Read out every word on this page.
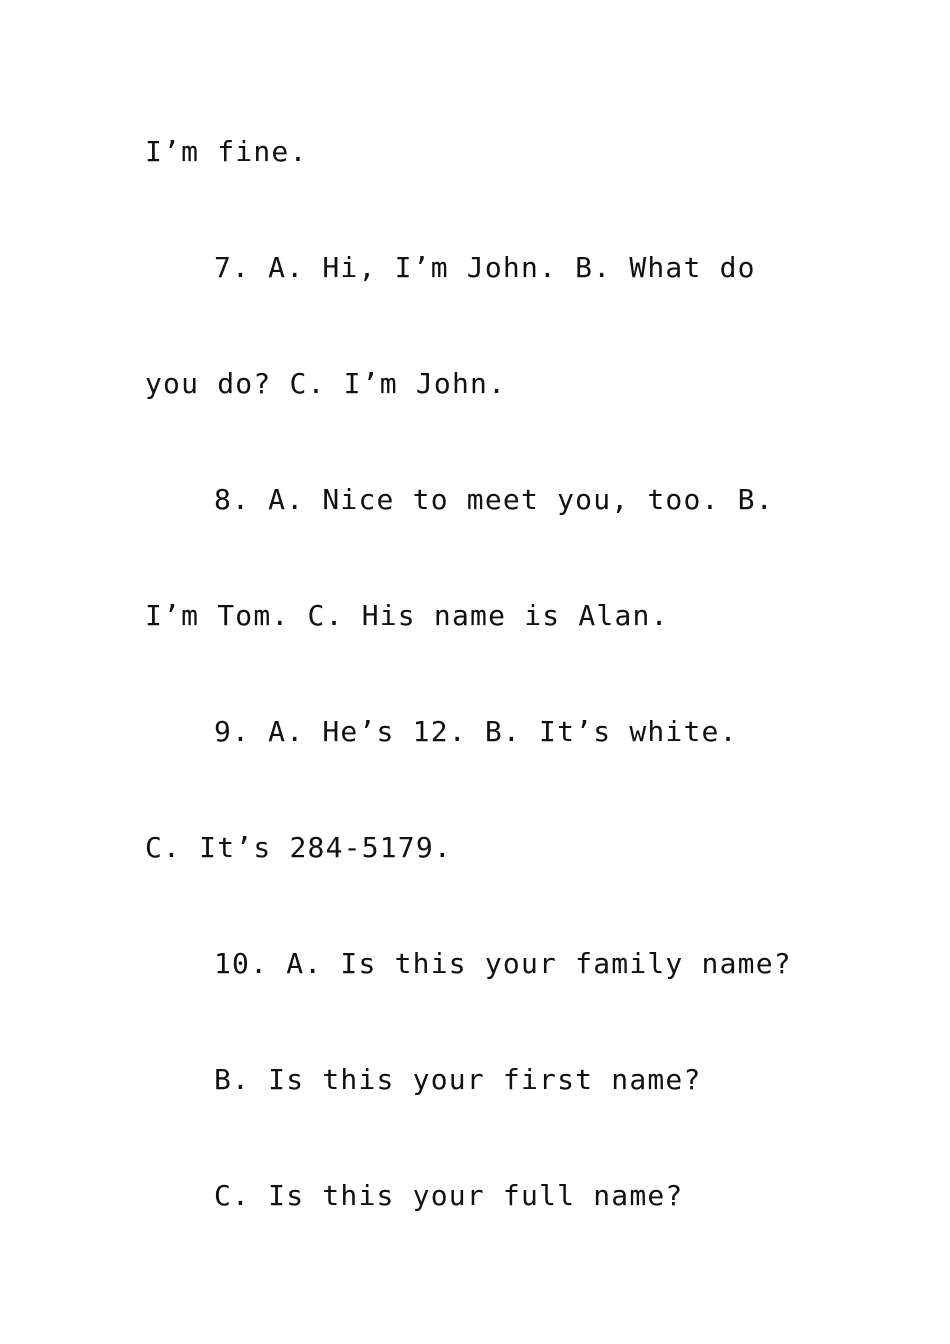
I’m fine.
7. A. Hi, I’m John. B. What do
you do? C. I’m John.
8. A. Nice to meet you, too. B.
I’m Tom. C. His name is Alan.
9. A. He’s 12. B. It’s white.
C. It’s 284-5179.
10. A. Is this your family name?
B. Is this your first name?
C. Is this your full name?
